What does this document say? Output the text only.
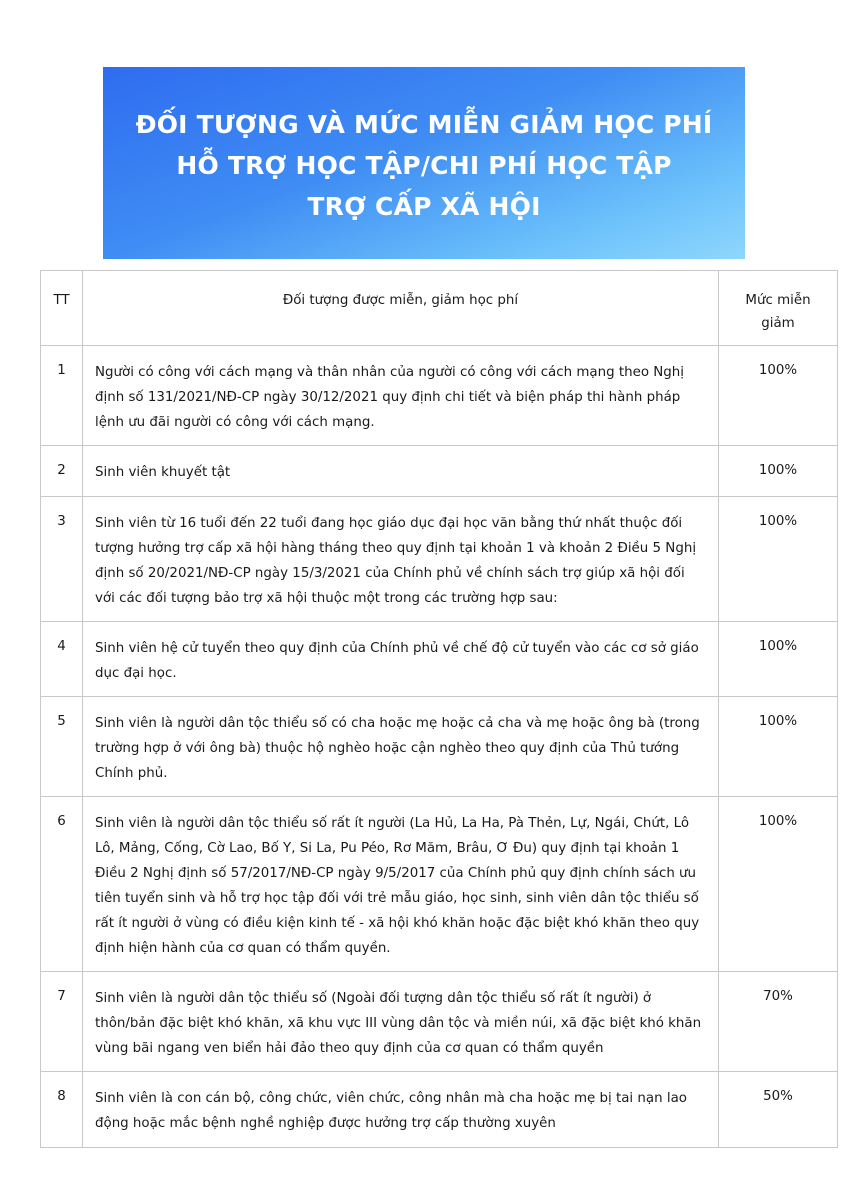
ĐỐI TƯỢNG VÀ MỨC MIỄN GIẢM HỌC PHÍ
HỖ TRỢ HỌC TẬP/CHI PHÍ HỌC TẬP
TRỢ CẤP XÃ HỘI
TT	Đối tượng được miễn, giảm học phí	Mức miễn giảm
1	Người có công với cách mạng và thân nhân của người có công với cách mạng theo Nghị định số 131/2021/NĐ-CP ngày 30/12/2021 quy định chi tiết và biện pháp thi hành pháp lệnh ưu đãi người có công với cách mạng.	100%
2	Sinh viên khuyết tật	100%
3	Sinh viên từ 16 tuổi đến 22 tuổi đang học giáo dục đại học văn bằng thứ nhất thuộc đối tượng hưởng trợ cấp xã hội hàng tháng theo quy định tại khoản 1 và khoản 2 Điều 5 Nghị định số 20/2021/NĐ-CP ngày 15/3/2021 của Chính phủ về chính sách trợ giúp xã hội đối với các đối tượng bảo trợ xã hội thuộc một trong các trường hợp sau:	100%
4	Sinh viên hệ cử tuyển theo quy định của Chính phủ về chế độ cử tuyển vào các cơ sở giáo dục đại học.	100%
5	Sinh viên là người dân tộc thiểu số có cha hoặc mẹ hoặc cả cha và mẹ hoặc ông bà (trong trường hợp ở với ông bà) thuộc hộ nghèo hoặc cận nghèo theo quy định của Thủ tướng Chính phủ.	100%
6	Sinh viên là người dân tộc thiểu số rất ít người (La Hủ, La Ha, Pà Thẻn, Lự, Ngái, Chứt, Lô Lô, Mảng, Cống, Cờ Lao, Bố Y, Si La, Pu Péo, Rơ Măm, Brâu, Ơ Đu) quy định tại khoản 1 Điều 2 Nghị định số 57/2017/NĐ-CP ngày 9/5/2017 của Chính phủ quy định chính sách ưu tiên tuyển sinh và hỗ trợ học tập đối với trẻ mẫu giáo, học sinh, sinh viên dân tộc thiểu số rất ít người ở vùng có điều kiện kinh tế - xã hội khó khăn hoặc đặc biệt khó khăn theo quy định hiện hành của cơ quan có thẩm quyền.	100%
7	Sinh viên là người dân tộc thiểu số (Ngoài đối tượng dân tộc thiểu số rất ít người) ở thôn/bản đặc biệt khó khăn, xã khu vực III vùng dân tộc và miền núi, xã đặc biệt khó khăn vùng bãi ngang ven biển hải đảo theo quy định của cơ quan có thẩm quyền	70%
8	Sinh viên là con cán bộ, công chức, viên chức, công nhân mà cha hoặc mẹ bị tai nạn lao động hoặc mắc bệnh nghề nghiệp được hưởng trợ cấp thường xuyên	50%
